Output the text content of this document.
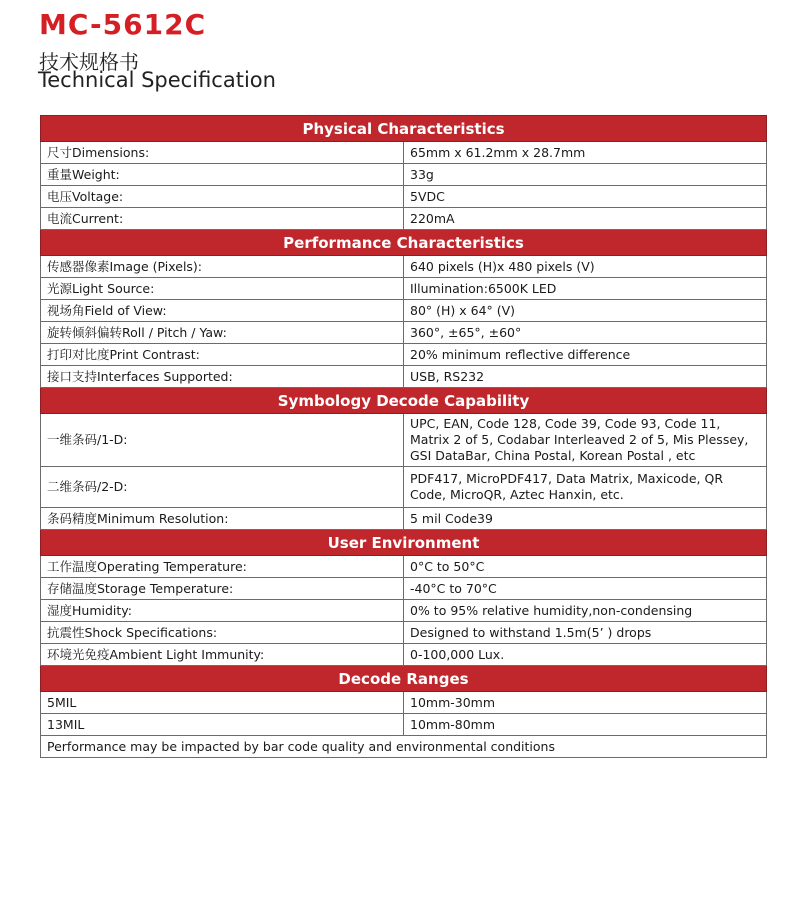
MC-5612C
技术规格书
Technical Specification
Physical Characteristics	
尺寸Dimensions:	65mm x 61.2mm x 28.7mm
重量Weight:	33g
电压Voltage:	5VDC
电流Current:	220mA
Performance Characteristics	
传感器像素Image (Pixels):	640 pixels (H)x 480 pixels (V)
光源Light Source:	Illumination:6500K LED
视场角Field of View:	80° (H) x 64° (V)
旋转倾斜偏转Roll / Pitch / Yaw:	360°, ±65°, ±60°
打印对比度Print Contrast:	20% minimum reflective difference
接口支持Interfaces Supported:	USB, RS232
Symbology Decode Capability	
一维条码/1-D:	UPC, EAN, Code 128, Code 39, Code 93, Code 11, Matrix 2 of 5, Codabar Interleaved 2 of 5, Mis Plessey, GSI DataBar, China Postal, Korean Postal , etc
二维条码/2-D:	PDF417, MicroPDF417, Data Matrix, Maxicode, QR Code, MicroQR, Aztec Hanxin, etc.
条码精度Minimum Resolution:	5 mil Code39
User Environment	
工作温度Operating Temperature:	0°C to 50°C
存储温度Storage Temperature:	-40°C to 70°C
湿度Humidity:	0% to 95% relative humidity,non-condensing
抗震性Shock Specifications:	Designed to withstand 1.5m(5’ ) drops
环境光免疫Ambient Light Immunity:	0-100,000 Lux.
Decode Ranges	
5MIL	10mm-30mm
13MIL	10mm-80mm
Performance may be impacted by bar code quality and environmental conditions	
